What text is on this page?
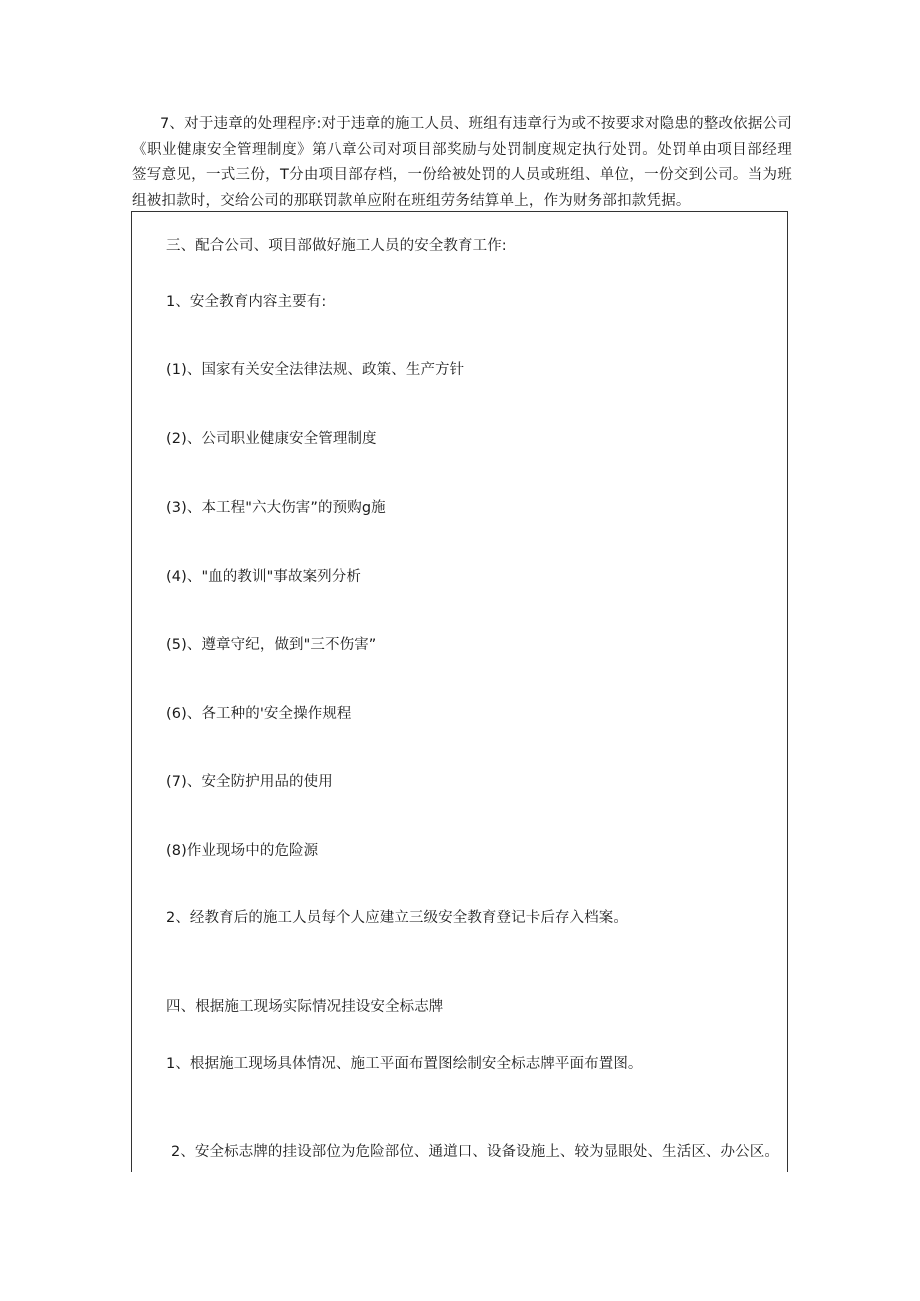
7、对于违章的处理程序:对于违章的施工人员、班组有违章行为或不按要求对隐患的整改依据公司《职业健康安全管理制度》第八章公司对项目部奖励与处罚制度规定执行处罚。处罚单由项目部经理签写意见，一式三份，T分由项目部存档，一份给被处罚的人员或班组、单位，一份交到公司。当为班组被扣款时，交给公司的那联罚款单应附在班组劳务结算单上，作为财务部扣款凭据。
三、配合公司、项目部做好施工人员的安全教育工作:
1、安全教育内容主要有:
(1)、国家有关安全法律法规、政策、生产方针
(2)、公司职业健康安全管理制度
(3)、本工程"六大伤害”的预购g施
(4)、"血的教训"事故案列分析
(5)、遵章守纪，做到"三不伤害”
(6)、各工种的'安全操作规程
(7)、安全防护用品的使用
(8)作业现场中的危险源
2、经教育后的施工人员每个人应建立三级安全教育登记卡后存入档案。
四、根据施工现场实际情况挂设安全标志牌
1、根据施工现场具体情况、施工平面布置图绘制安全标志牌平面布置图。
2、安全标志牌的挂设部位为危险部位、通道口、设备设施上、较为显眼处、生活区、办公区。
